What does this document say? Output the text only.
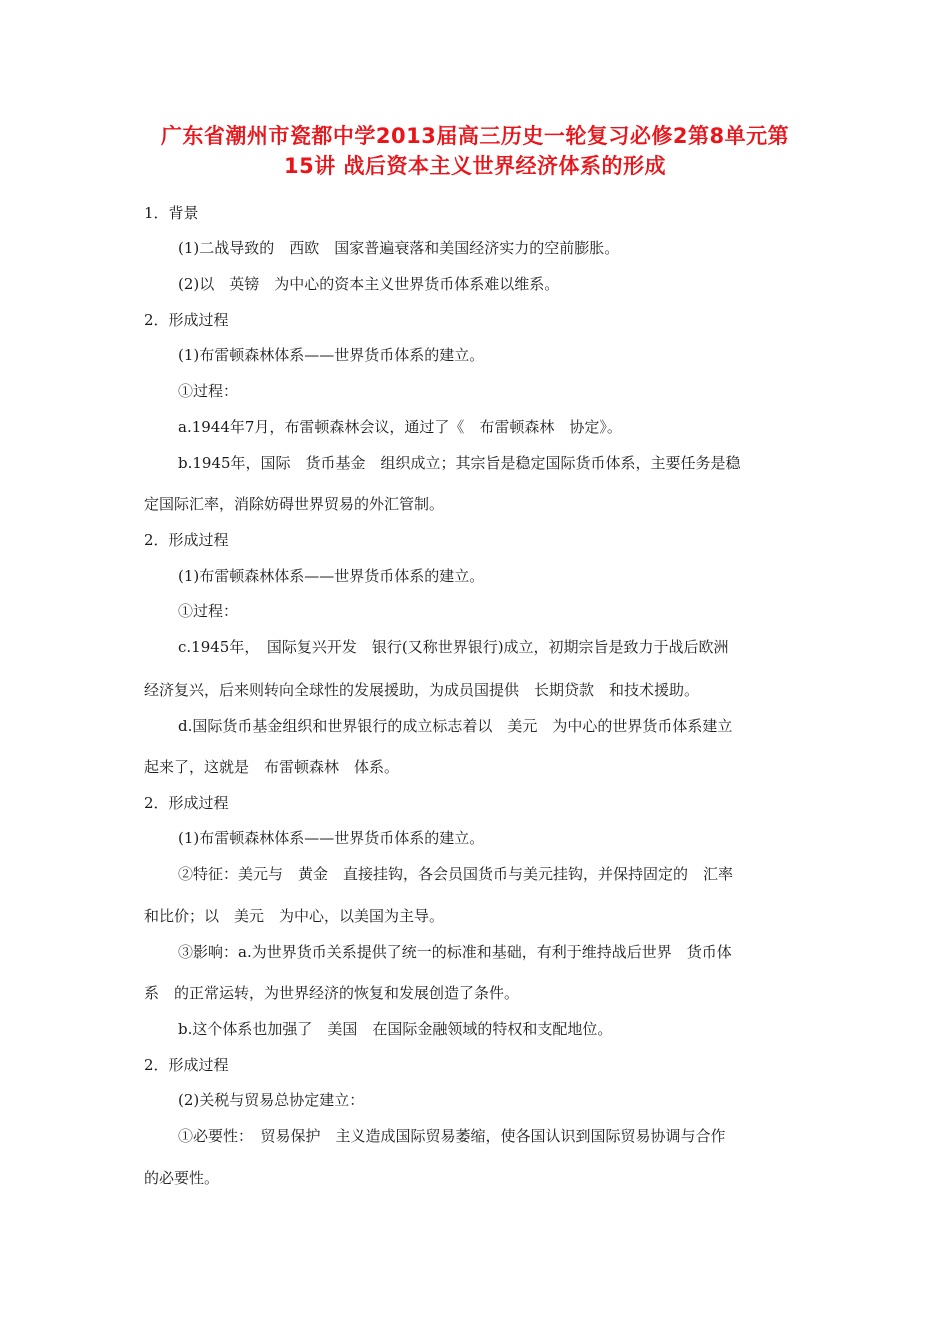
广东省潮州市瓷都中学2013届高三历史一轮复习必修2第8单元第
15讲 战后资本主义世界经济体系的形成
1．背景
(1)二战导致的　西欧　国家普遍衰落和美国经济实力的空前膨胀。
(2)以　英镑　为中心的资本主义世界货币体系难以维系。
2．形成过程
(1)布雷顿森林体系——世界货币体系的建立。
①过程：
a.1944年7月，布雷顿森林会议，通过了《　布雷顿森林　协定》。
b.1945年，国际　货币基金　组织成立；其宗旨是稳定国际货币体系，主要任务是稳
定国际汇率，消除妨碍世界贸易的外汇管制。
2．形成过程
(1)布雷顿森林体系——世界货币体系的建立。
①过程：
c.1945年，　国际复兴开发　银行(又称世界银行)成立，初期宗旨是致力于战后欧洲
经济复兴，后来则转向全球性的发展援助，为成员国提供　长期贷款　和技术援助。
d.国际货币基金组织和世界银行的成立标志着以　美元　为中心的世界货币体系建立
起来了，这就是　布雷顿森林　体系。
2．形成过程
(1)布雷顿森林体系——世界货币体系的建立。
②特征：美元与　黄金　直接挂钩，各会员国货币与美元挂钩，并保持固定的　汇率
和比价；以　美元　为中心，以美国为主导。
③影响：a.为世界货币关系提供了统一的标准和基础，有利于维持战后世界　货币体
系　的正常运转，为世界经济的恢复和发展创造了条件。
b.这个体系也加强了　美国　在国际金融领域的特权和支配地位。
2．形成过程
(2)关税与贸易总协定建立：
①必要性：　贸易保护　主义造成国际贸易萎缩，使各国认识到国际贸易协调与合作
的必要性。
